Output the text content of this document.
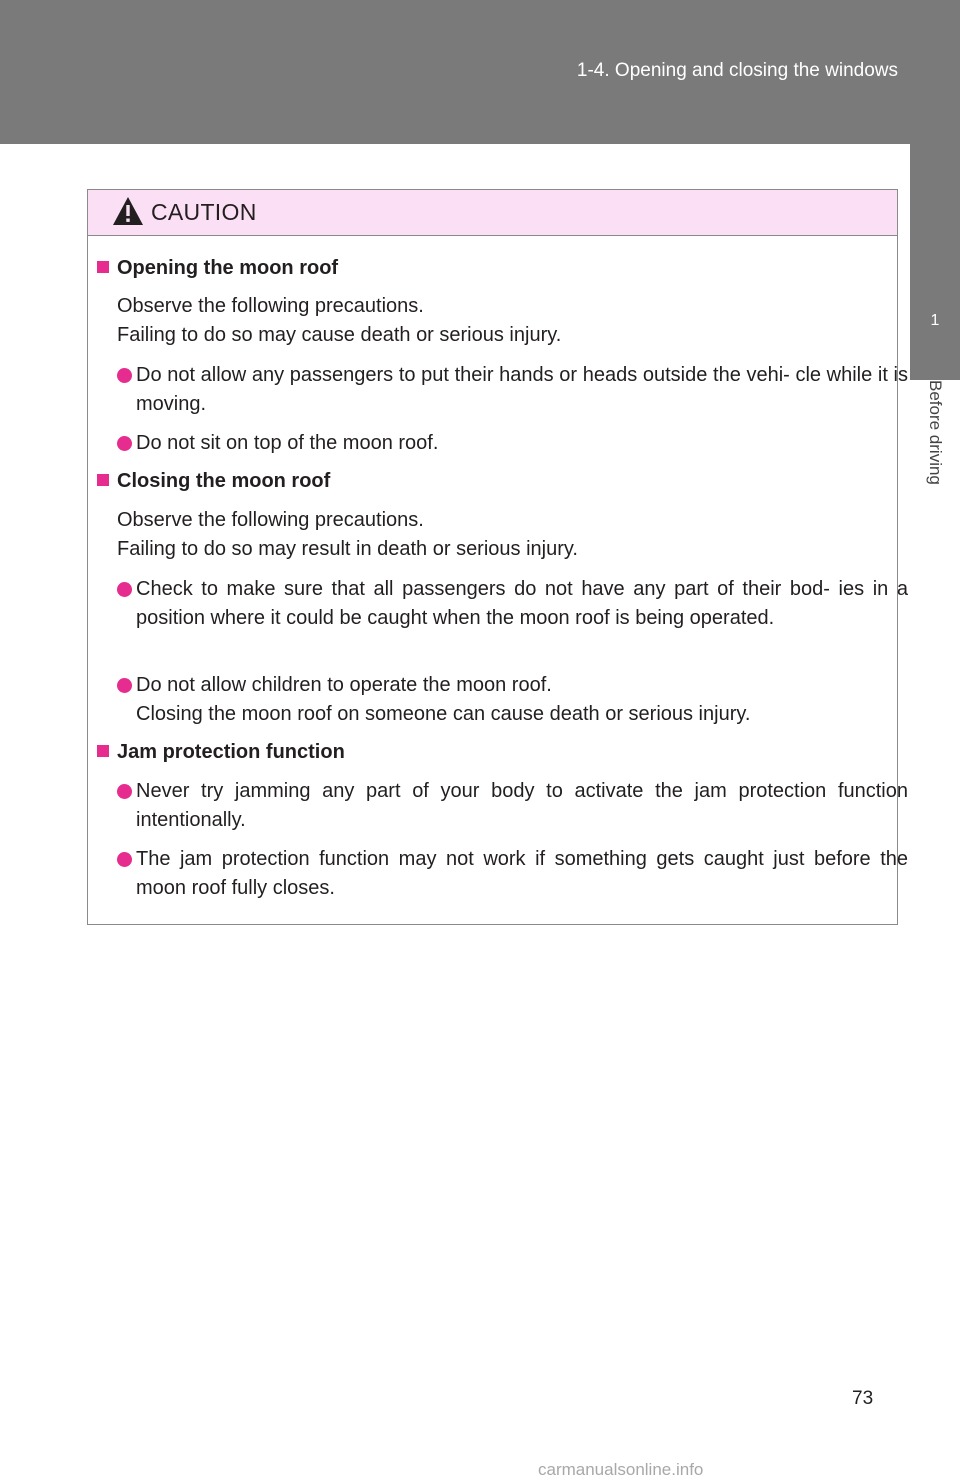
1-4. Opening and closing the windows
1
Before driving
CAUTION
Opening the moon roof
Observe the following precautions.
Failing to do so may cause death or serious injury.
Do not allow any passengers to put their hands or heads outside the vehi- cle while it is moving.
Do not sit on top of the moon roof.
Closing the moon roof
Observe the following precautions.
Failing to do so may result in death or serious injury.
Check to make sure that all passengers do not have any part of their bod- ies in a position where it could be caught when the moon roof is being operated.
Do not allow children to operate the moon roof.
Closing the moon roof on someone can cause death or serious injury.
Jam protection function
Never try jamming any part of your body to activate the jam protection function intentionally.
The jam protection function may not work if something gets caught just before the moon roof fully closes.
73
carmanualsonline.info
